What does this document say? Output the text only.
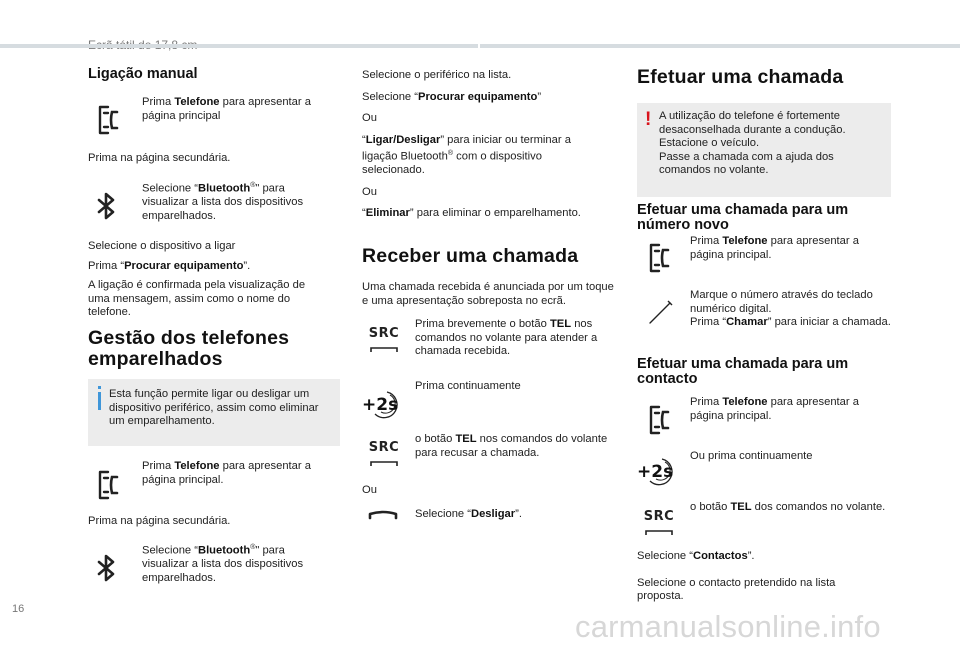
Ligação manual

Prima Telefone para apresentar a página principal

Prima na página secundária.

Selecione “Bluetooth®" para visualizar a lista dos dispositivos emparelhados.

Selecione o dispositivo a ligar

Prima “Procurar equipamento”.

A ligação é confirmada pela visualização de uma mensagem, assim como o nome do telefone.

Gestão dos telefones emparelhados

Esta função permite ligar ou desligar um dispositivo periférico, assim como eliminar um emparelhamento.

Prima Telefone para apresentar a página principal.

Prima na página secundária.

Selecione “Bluetooth®" para visualizar a lista dos dispositivos emparelhados.

Selecione o periférico na lista.

Selecione “Procurar equipamento”

Ou

“Ligar/Desligar” para iniciar ou terminar a ligação Bluetooth® com o dispositivo selecionado.

Ou

“Eliminar” para eliminar o emparelhamento.

Receber uma chamada

Uma chamada recebida é anunciada por um toque e uma apresentação sobreposta no ecrã.

SRC

Prima brevemente o botão TEL nos comandos no volante para atender a chamada recebida.

+2s

Prima continuamente

SRC

o botão TEL nos comandos do volante para recusar a chamada.

Ou

Selecione “Desligar”.

Efetuar uma chamada

! A utilização do telefone é fortemente desaconselhada durante a condução.
Estacione o veículo.
Passe a chamada com a ajuda dos comandos no volante.

Efetuar uma chamada para um número novo

Prima Telefone para apresentar a página principal.

Marque o número através do teclado numérico digital.

Prima “Chamar” para iniciar a chamada.

Efetuar uma chamada para um contacto

Prima Telefone para apresentar a página principal.

+2s

Ou prima continuamente

SRC

o botão TEL dos comandos no volante.

Selecione “Contactos”.

Selecione o contacto pretendido na lista proposta.

16	carmanualsonline.info
